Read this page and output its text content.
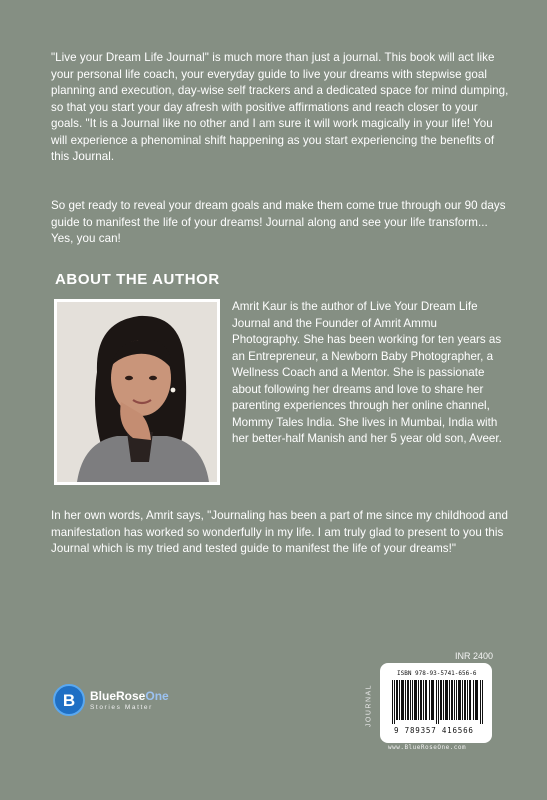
"Live your Dream Life Journal" is much more than just a journal. This book will act like your personal life coach, your everyday guide to live your dreams with stepwise goal planning and execution, day-wise self trackers and a dedicated space for mind dumping, so that you start your day afresh with positive affirmations and reach closer to your goals. "It is a Journal like no other and I am sure it will work magically in your life! You will experience a phenominal shift happening as you start experiencing the benefits of this Journal.

So get ready to reveal your dream goals and make them come true through our 90 days guide to manifest the life of your dreams! Journal along and see your life transform... Yes, you can!

ABOUT THE AUTHOR

Amrit Kaur is the author of Live Your Dream Life Journal and the Founder of Amrit Ammu Photography. She has been working for ten years as an Entrepreneur, a Newborn Baby Photographer, a Wellness Coach and a Mentor. She is passionate about following her dreams and love to share her parenting experiences through her online channel, Mommy Tales India. She lives in Mumbai, India with her better-half Manish and her 5 year old son, Aveer.

In her own words, Amrit says, "Journaling has been a part of me since my childhood and manifestation has worked so wonderfully in my life. I am truly glad to present to you this Journal which is my tried and tested guide to manifest the life of your dreams!"

B BlueRoseOne
Stories Matter
INR 2400
JOURNAL
ISBN 978-93-5741-656-6
9 789357 416566
www.BlueRoseOne.com
